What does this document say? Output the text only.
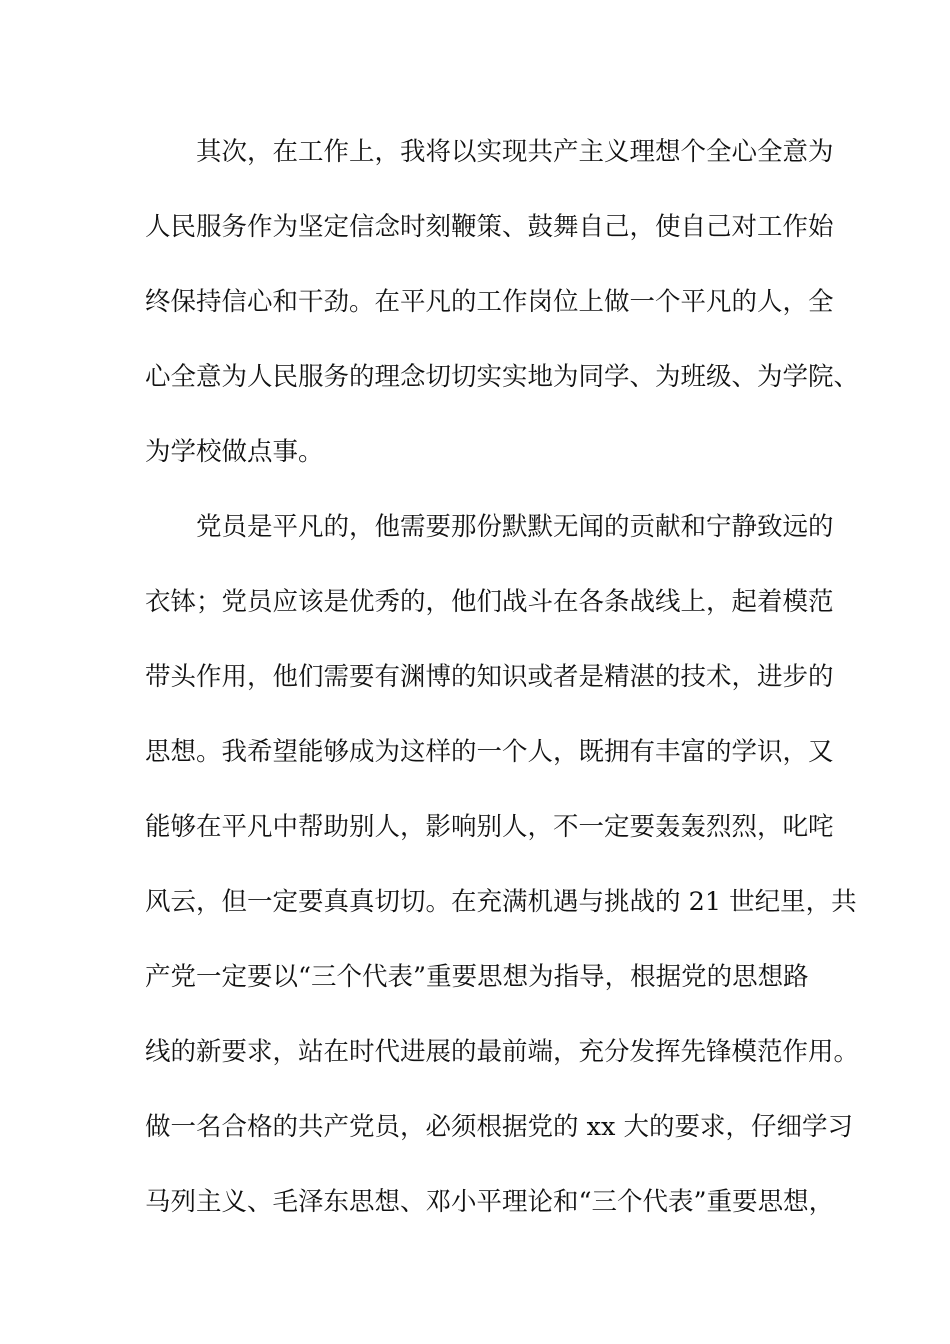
　　其次，在工作上，我将以实现共产主义理想个全心全意为
人民服务作为坚定信念时刻鞭策、鼓舞自己，使自己对工作始
终保持信心和干劲。在平凡的工作岗位上做一个平凡的人，全
心全意为人民服务的理念切切实实地为同学、为班级、为学院、
为学校做点事。
　　党员是平凡的，他需要那份默默无闻的贡献和宁静致远的
衣钵；党员应该是优秀的，他们战斗在各条战线上，起着模范
带头作用，他们需要有渊博的知识或者是精湛的技术，进步的
思想。我希望能够成为这样的一个人，既拥有丰富的学识，又
能够在平凡中帮助别人，影响别人，不一定要轰轰烈烈，叱咤
风云，但一定要真真切切。在充满机遇与挑战的 21 世纪里，共
产党一定要以“三个代表”重要思想为指导，根据党的思想路
线的新要求，站在时代进展的最前端，充分发挥先锋模范作用。
做一名合格的共产党员，必须根据党的 xx 大的要求，仔细学习
马列主义、毛泽东思想、邓小平理论和“三个代表”重要思想，
